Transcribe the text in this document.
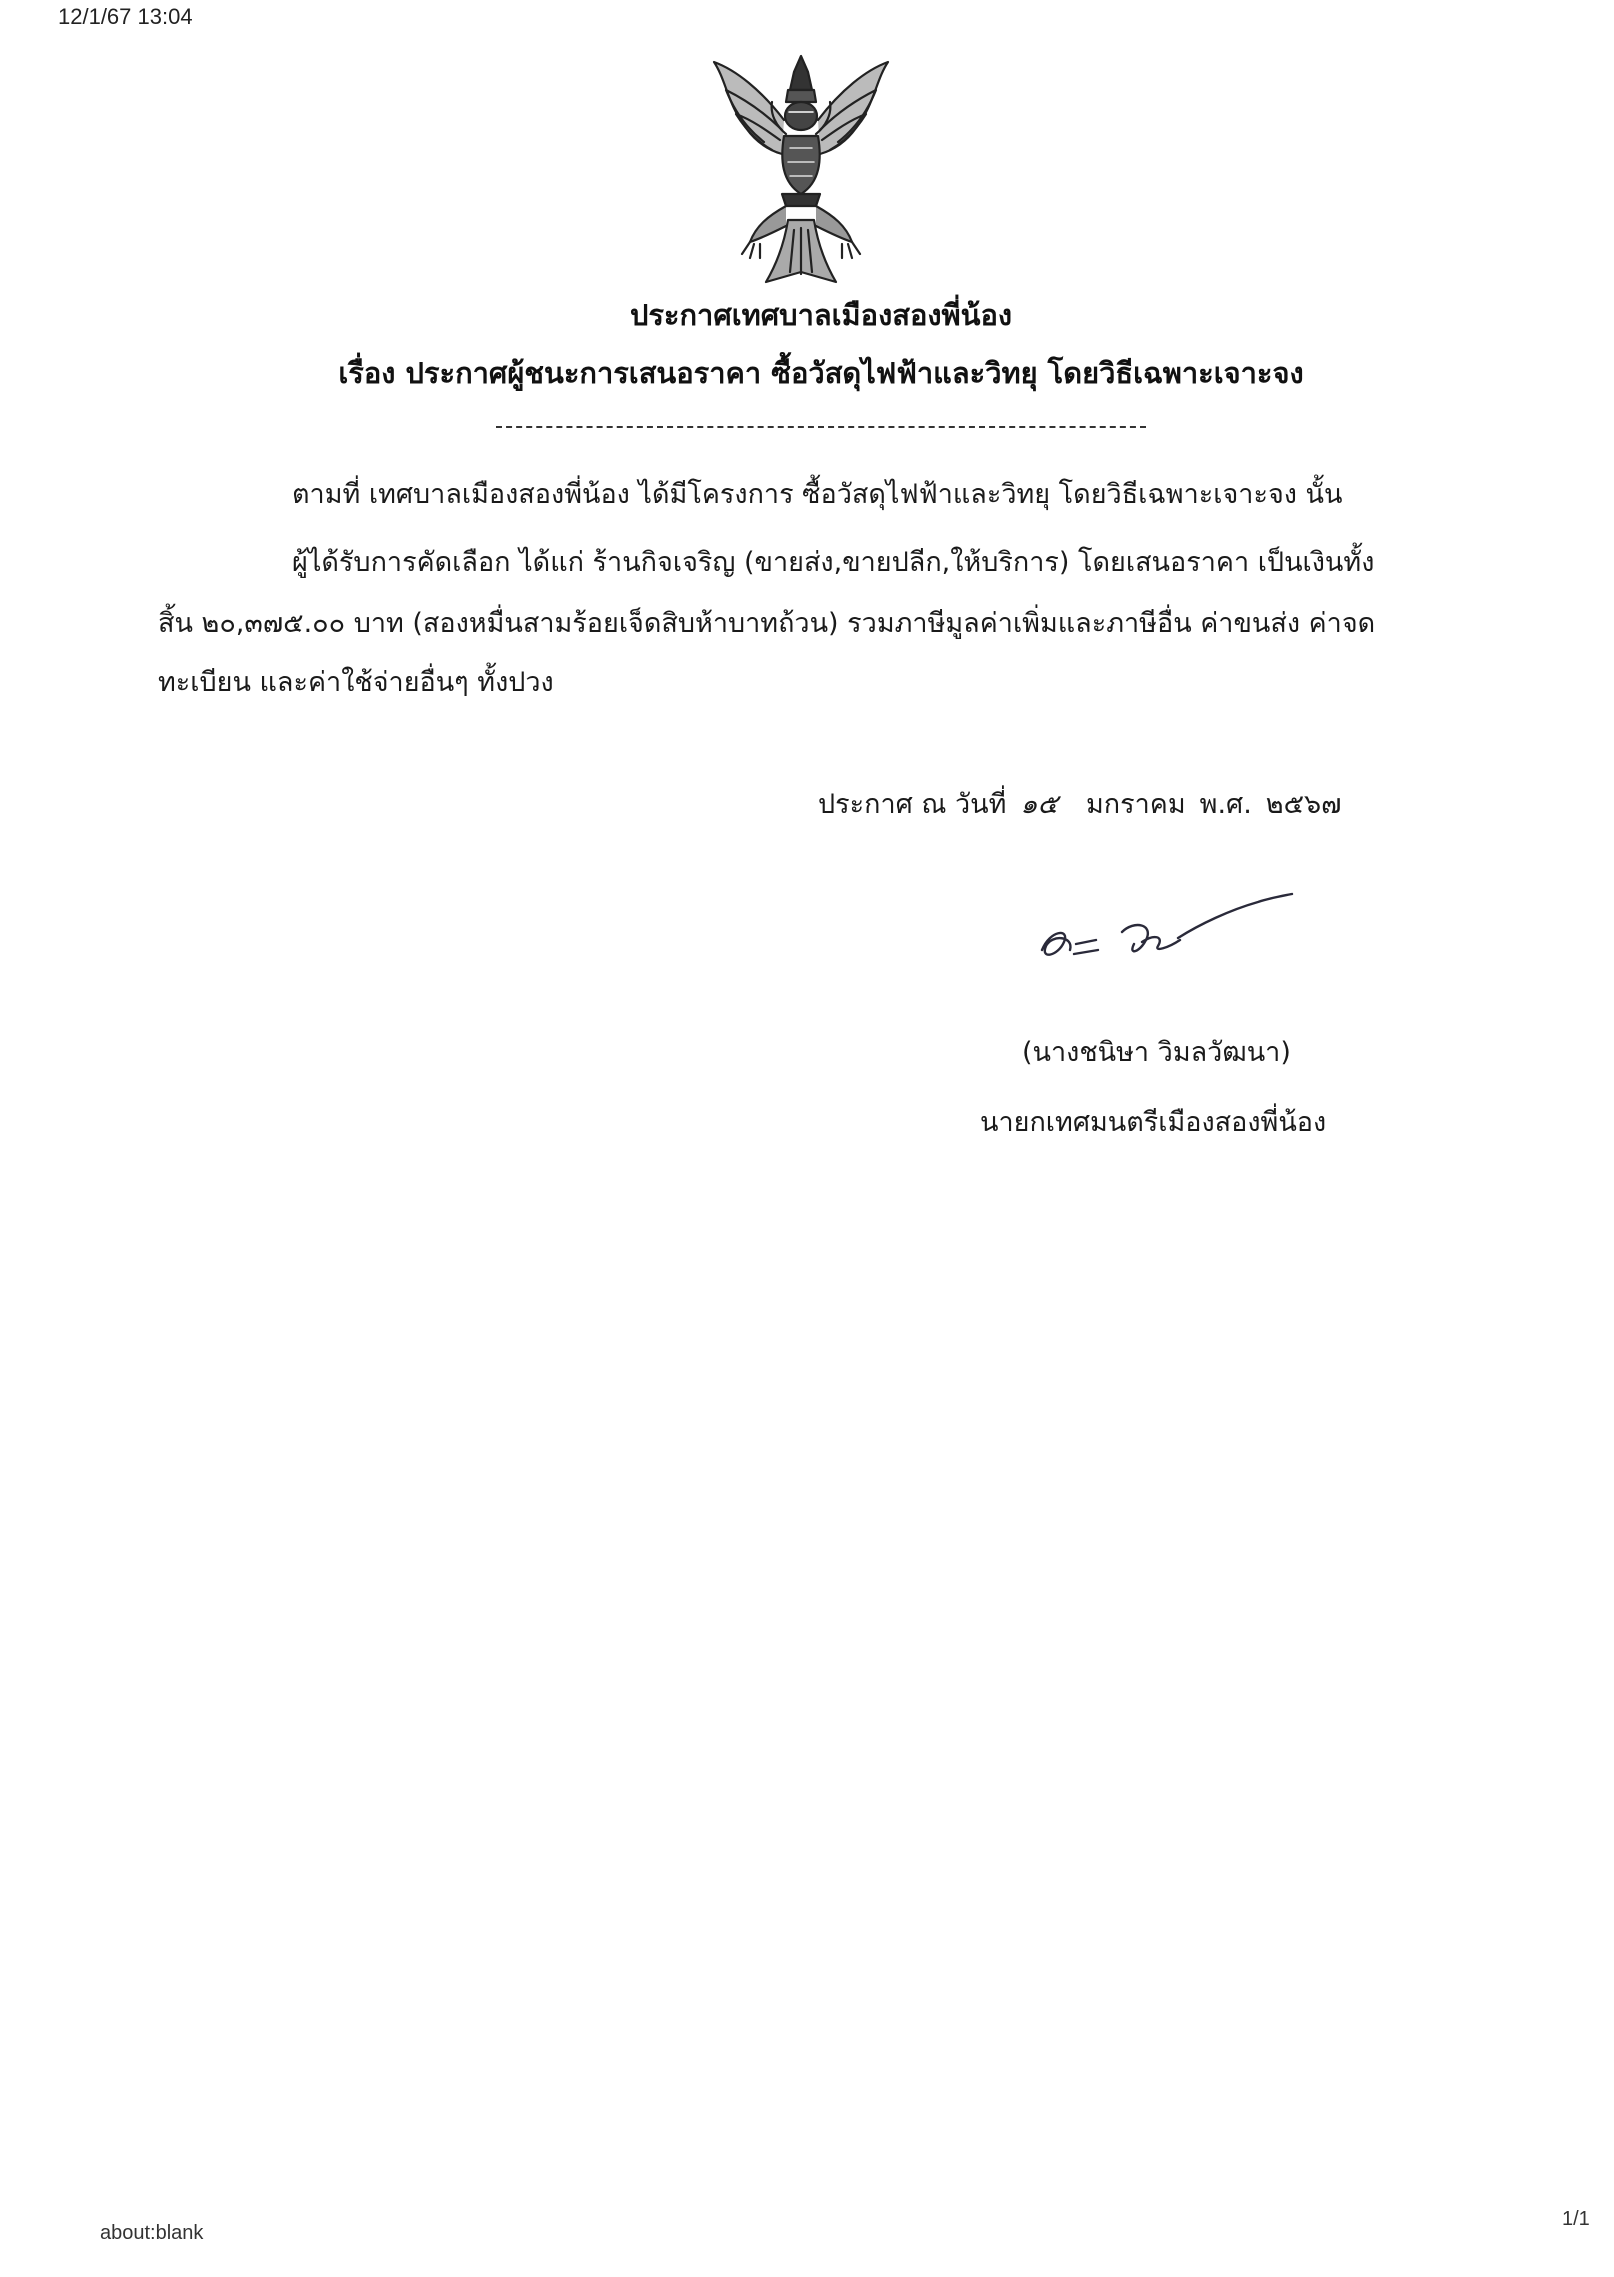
12/1/67 13:04
ประกาศเทศบาลเมืองสองพี่น้อง
เรื่อง ประกาศผู้ชนะการเสนอราคา ซื้อวัสดุไฟฟ้าและวิทยุ โดยวิธีเฉพาะเจาะจง
ตามที่ เทศบาลเมืองสองพี่น้อง ได้มีโครงการ ซื้อวัสดุไฟฟ้าและวิทยุ โดยวิธีเฉพาะเจาะจง นั้น
ผู้ได้รับการคัดเลือก ได้แก่ ร้านกิจเจริญ (ขายส่ง,ขายปลีก,ให้บริการ) โดยเสนอราคา เป็นเงินทั้ง
สิ้น ๒๐,๓๗๕.๐๐ บาท (สองหมื่นสามร้อยเจ็ดสิบห้าบาทถ้วน) รวมภาษีมูลค่าเพิ่มและภาษีอื่น ค่าขนส่ง ค่าจด
ทะเบียน และค่าใช้จ่ายอื่นๆ ทั้งปวง
ประกาศ ณ วันที่ ๑๕ มกราคม พ.ศ. ๒๕๖๗
(นางชนิษา วิมลวัฒนา)
นายกเทศมนตรีเมืองสองพี่น้อง
about:blank
1/1
